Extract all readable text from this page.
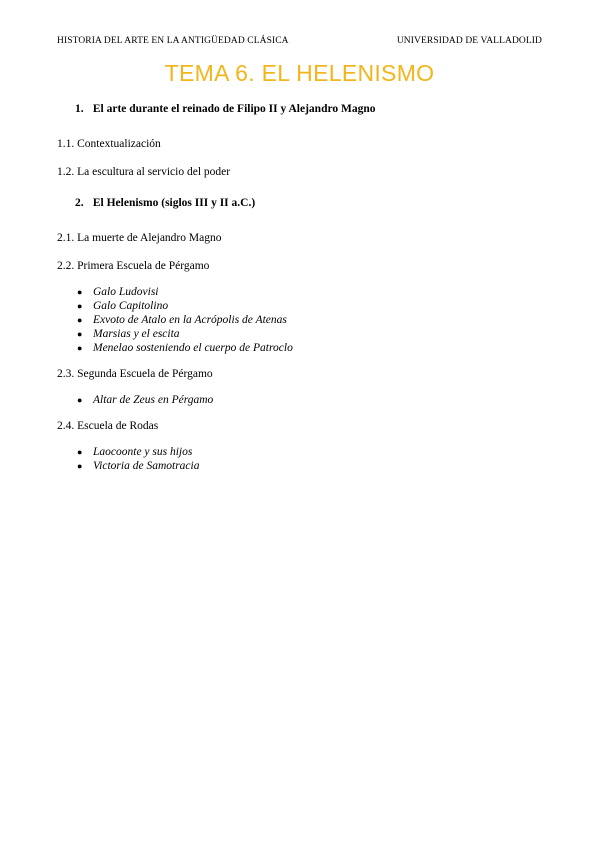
HISTORIA DEL ARTE EN LA ANTIGÜEDAD CLÁSICA	UNIVERSIDAD DE VALLADOLID
TEMA 6. EL HELENISMO
1. El arte durante el reinado de Filipo II y Alejandro Magno
1.1. Contextualización
1.2. La escultura al servicio del poder
2. El Helenismo (siglos III y II a.C.)
2.1. La muerte de Alejandro Magno
2.2. Primera Escuela de Pérgamo
● Galo Ludovisi
● Galo Capitolino
● Exvoto de Atalo en la Acrópolis de Atenas
● Marsias y el escita
● Menelao sosteniendo el cuerpo de Patroclo
2.3. Segunda Escuela de Pérgamo
● Altar de Zeus en Pérgamo
2.4. Escuela de Rodas
● Laocoonte y sus hijos
● Victoria de Samotracia
